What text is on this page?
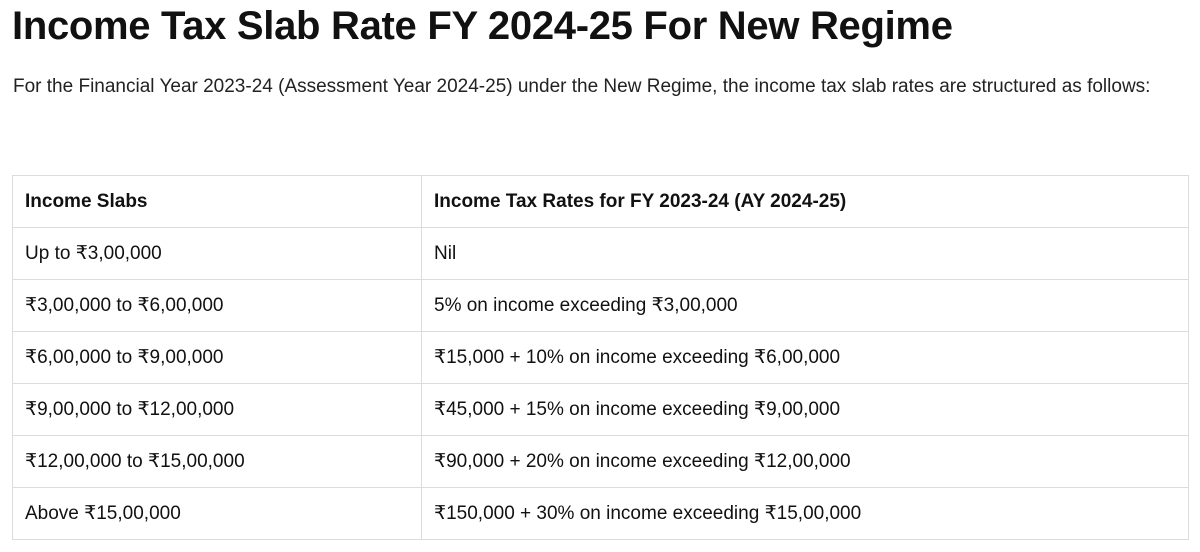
Income Tax Slab Rate FY 2024-25 For New Regime

For the Financial Year 2023-24 (Assessment Year 2024-25) under the New Regime, the income tax slab rates are structured as follows:

Income Slabs	Income Tax Rates for FY 2023-24 (AY 2024-25)
Up to ₹3,00,000	Nil
₹3,00,000 to ₹6,00,000	5% on income exceeding ₹3,00,000
₹6,00,000 to ₹9,00,000	₹15,000 + 10% on income exceeding ₹6,00,000
₹9,00,000 to ₹12,00,000	₹45,000 + 15% on income exceeding ₹9,00,000
₹12,00,000 to ₹15,00,000	₹90,000 + 20% on income exceeding ₹12,00,000
Above ₹15,00,000	₹150,000 + 30% on income exceeding ₹15,00,000
